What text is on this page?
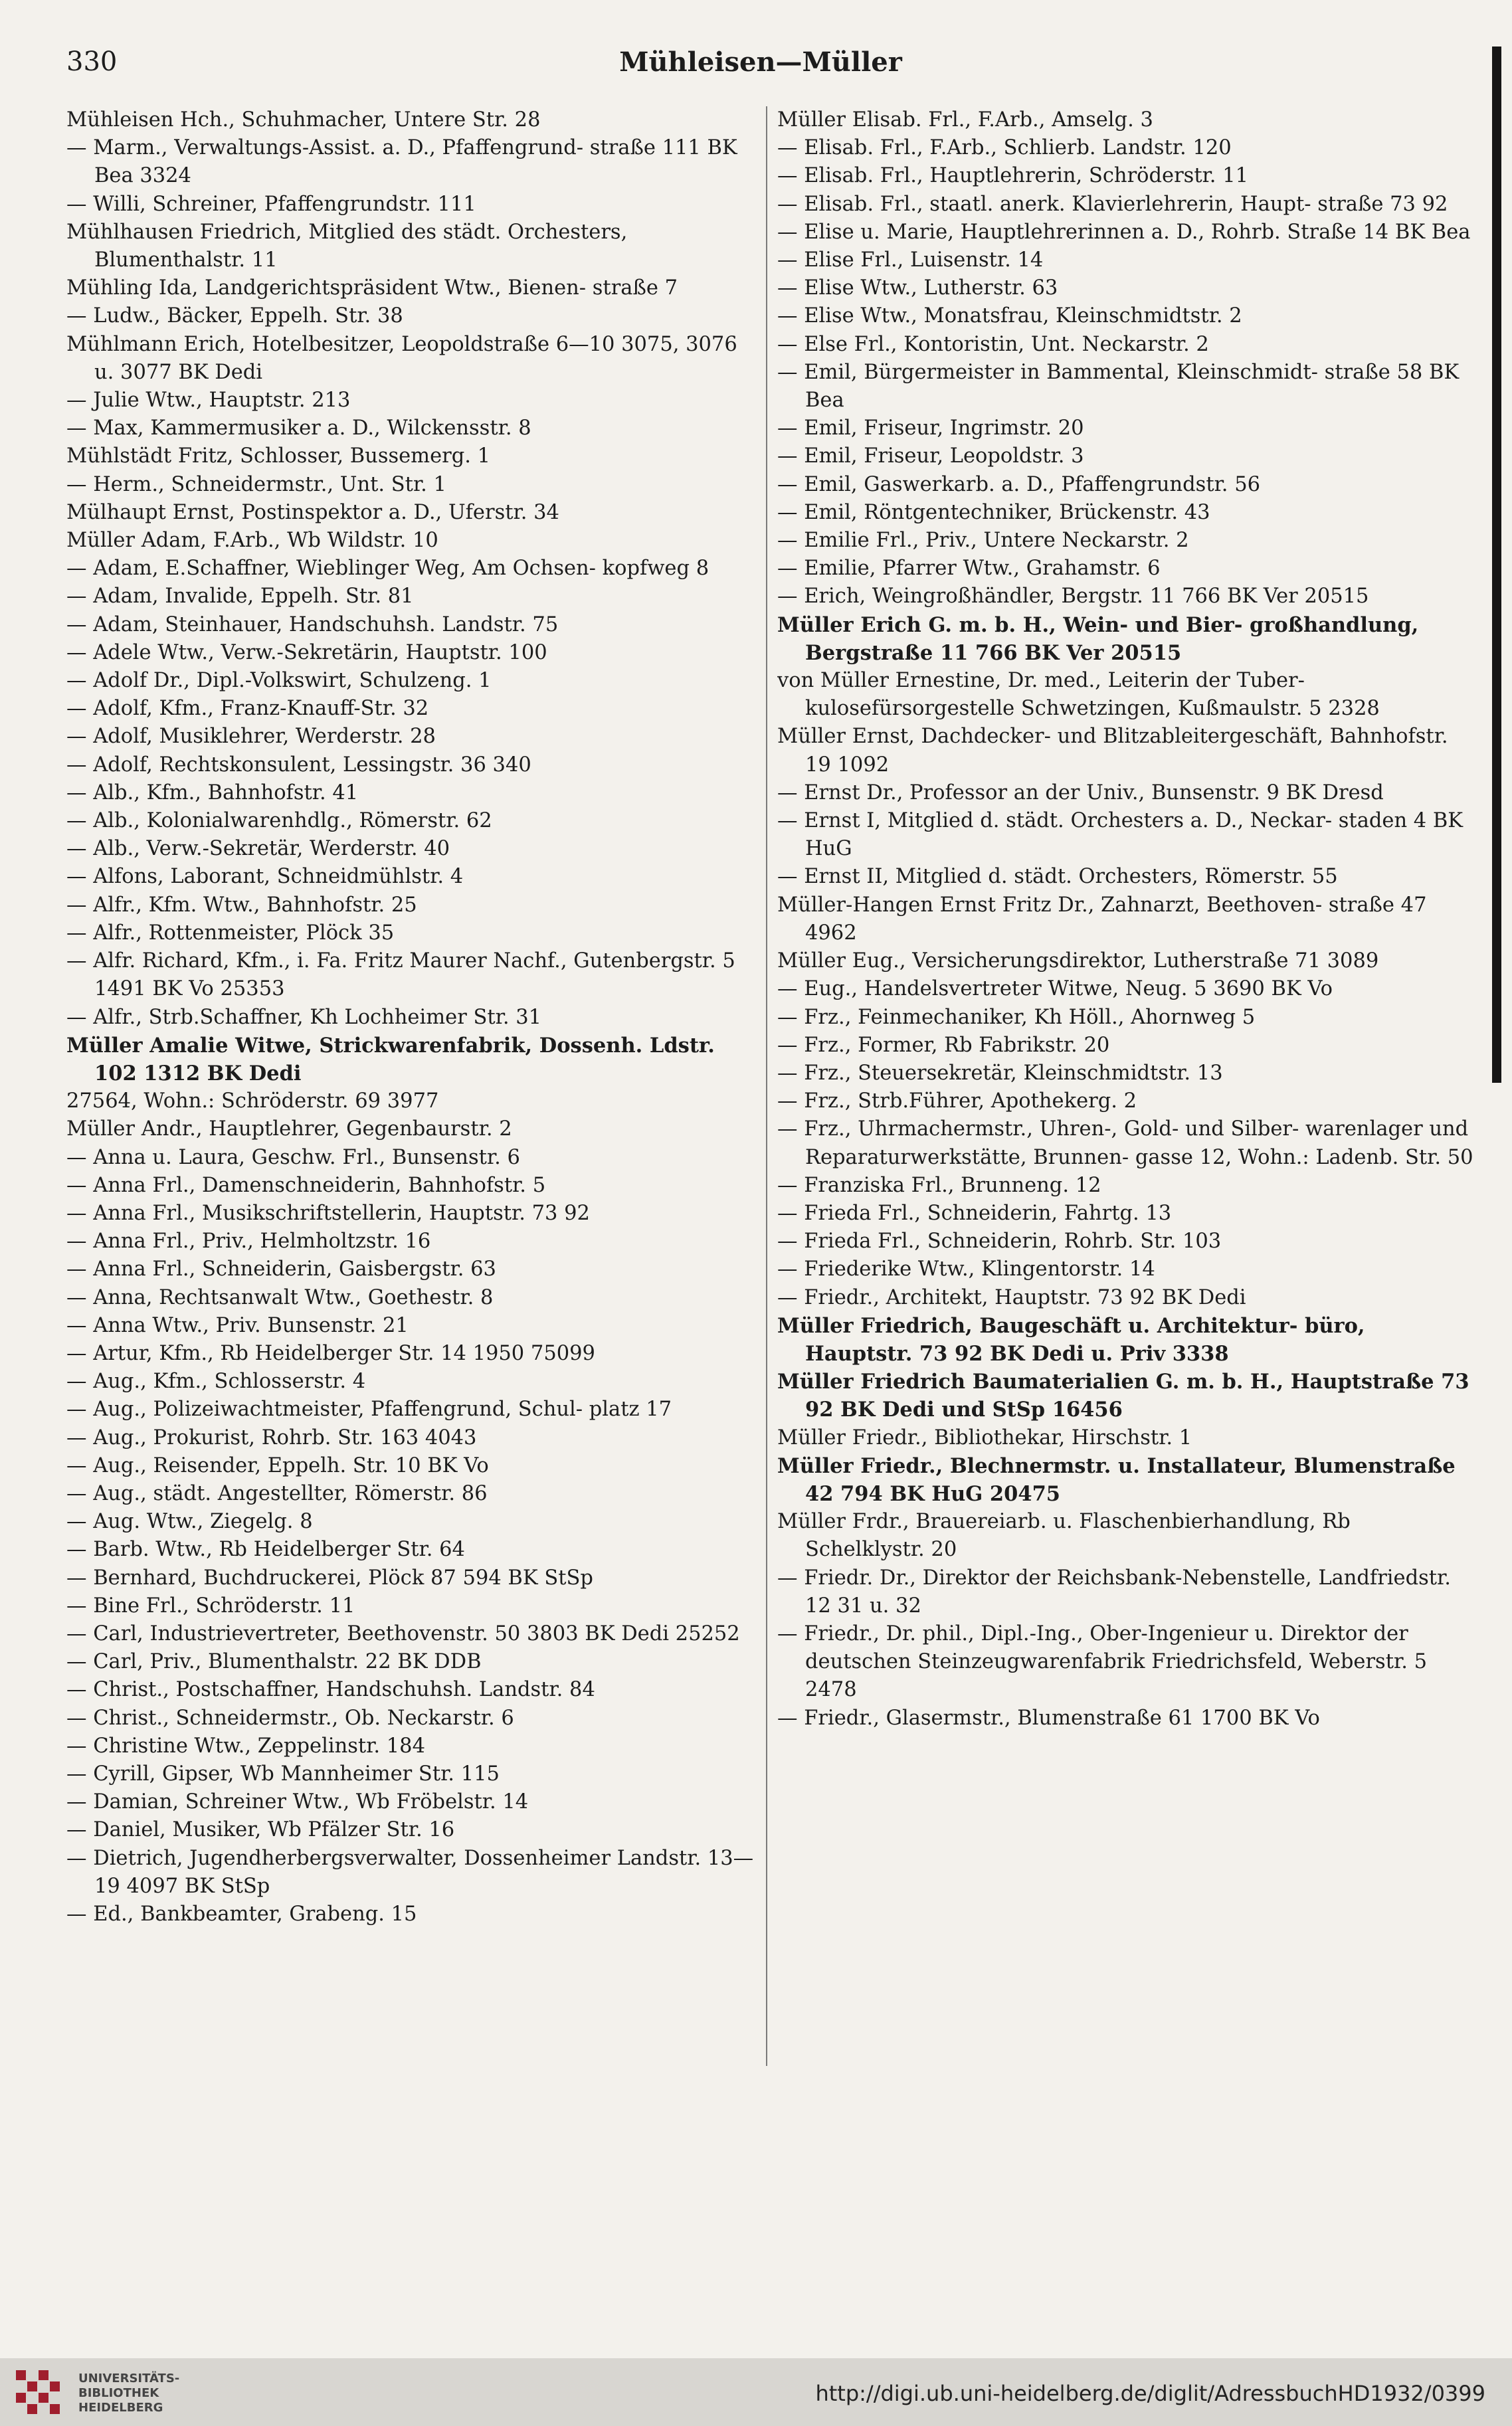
330	Mühleisen—Müller
Mühleisen Hch., Schuhmacher, Untere Str. 28
— Marm., Verwaltungs-Assist. a. D., Pfaffengrund- straße 111 BK Bea 3324
— Willi, Schreiner, Pfaffengrundstr. 111
Mühlhausen Friedrich, Mitglied des städt. Orchesters, Blumenthalstr. 11
Mühling Ida, Landgerichtspräsident Wtw., Bienen- straße 7
— Ludw., Bäcker, Eppelh. Str. 38
Mühlmann Erich, Hotelbesitzer, Leopoldstraße 6—10 3075, 3076 u. 3077 BK Dedi
— Julie Wtw., Hauptstr. 213
— Max, Kammermusiker a. D., Wilckensstr. 8
Mühlstädt Fritz, Schlosser, Bussemerg. 1
— Herm., Schneidermstr., Unt. Str. 1
Mülhaupt Ernst, Postinspektor a. D., Uferstr. 34
Müller Adam, F.Arb., Wb Wildstr. 10
— Adam, E.Schaffner, Wieblinger Weg, Am Ochsen- kopfweg 8
— Adam, Invalide, Eppelh. Str. 81
— Adam, Steinhauer, Handschuhsh. Landstr. 75
— Adele Wtw., Verw.-Sekretärin, Hauptstr. 100
— Adolf Dr., Dipl.-Volkswirt, Schulzeng. 1
— Adolf, Kfm., Franz-Knauff-Str. 32
— Adolf, Musiklehrer, Werderstr. 28
— Adolf, Rechtskonsulent, Lessingstr. 36 340
— Alb., Kfm., Bahnhofstr. 41
— Alb., Kolonialwarenhdlg., Römerstr. 62
— Alb., Verw.-Sekretär, Werderstr. 40
— Alfons, Laborant, Schneidmühlstr. 4
— Alfr., Kfm. Wtw., Bahnhofstr. 25
— Alfr., Rottenmeister, Plöck 35
— Alfr. Richard, Kfm., i. Fa. Fritz Maurer Nachf., Gutenbergstr. 5 1491 BK Vo 25353
— Alfr., Strb.Schaffner, Kh Lochheimer Str. 31
Müller Amalie Witwe, Strickwarenfabrik, Dossenh. Ldstr. 102 1312 BK Dedi
27564, Wohn.: Schröderstr. 69 3977
Müller Andr., Hauptlehrer, Gegenbaurstr. 2
— Anna u. Laura, Geschw. Frl., Bunsenstr. 6
— Anna Frl., Damenschneiderin, Bahnhofstr. 5
— Anna Frl., Musikschriftstellerin, Hauptstr. 73 92
— Anna Frl., Priv., Helmholtzstr. 16
— Anna Frl., Schneiderin, Gaisbergstr. 63
— Anna, Rechtsanwalt Wtw., Goethestr. 8
— Anna Wtw., Priv. Bunsenstr. 21
— Artur, Kfm., Rb Heidelberger Str. 14 1950 75099
— Aug., Kfm., Schlosserstr. 4
— Aug., Polizeiwachtmeister, Pfaffengrund, Schul- platz 17
— Aug., Prokurist, Rohrb. Str. 163 4043
— Aug., Reisender, Eppelh. Str. 10 BK Vo
— Aug., städt. Angestellter, Römerstr. 86
— Aug. Wtw., Ziegelg. 8
— Barb. Wtw., Rb Heidelberger Str. 64
— Bernhard, Buchdruckerei, Plöck 87 594 BK StSp
— Bine Frl., Schröderstr. 11
— Carl, Industrievertreter, Beethovenstr. 50 3803 BK Dedi 25252
— Carl, Priv., Blumenthalstr. 22 BK DDB
— Christ., Postschaffner, Handschuhsh. Landstr. 84
— Christ., Schneidermstr., Ob. Neckarstr. 6
— Christine Wtw., Zeppelinstr. 184
— Cyrill, Gipser, Wb Mannheimer Str. 115
— Damian, Schreiner Wtw., Wb Fröbelstr. 14
— Daniel, Musiker, Wb Pfälzer Str. 16
— Dietrich, Jugendherbergsverwalter, Dossenheimer Landstr. 13—19 4097 BK StSp
— Ed., Bankbeamter, Grabeng. 15
Müller Elisab. Frl., F.Arb., Amselg. 3
— Elisab. Frl., F.Arb., Schlierb. Landstr. 120
— Elisab. Frl., Hauptlehrerin, Schröderstr. 11
— Elisab. Frl., staatl. anerk. Klavierlehrerin, Haupt- straße 73 92
— Elise u. Marie, Hauptlehrerinnen a. D., Rohrb. Straße 14 BK Bea
— Elise Frl., Luisenstr. 14
— Elise Wtw., Lutherstr. 63
— Elise Wtw., Monatsfrau, Kleinschmidtstr. 2
— Else Frl., Kontoristin, Unt. Neckarstr. 2
— Emil, Bürgermeister in Bammental, Kleinschmidt- straße 58 BK Bea
— Emil, Friseur, Ingrimstr. 20
— Emil, Friseur, Leopoldstr. 3
— Emil, Gaswerkarb. a. D., Pfaffengrundstr. 56
— Emil, Röntgentechniker, Brückenstr. 43
— Emilie Frl., Priv., Untere Neckarstr. 2
— Emilie, Pfarrer Wtw., Grahamstr. 6
— Erich, Weingroßhändler, Bergstr. 11 766 BK Ver 20515
Müller Erich G. m. b. H., Wein- und Bier- großhandlung, Bergstraße 11 766 BK Ver 20515
von Müller Ernestine, Dr. med., Leiterin der Tuber- kulosefürsorgestelle Schwetzingen, Kußmaulstr. 5 2328
Müller Ernst, Dachdecker- und Blitzableitergeschäft, Bahnhofstr. 19 1092
— Ernst Dr., Professor an der Univ., Bunsenstr. 9 BK Dresd
— Ernst I, Mitglied d. städt. Orchesters a. D., Neckar- staden 4 BK HuG
— Ernst II, Mitglied d. städt. Orchesters, Römerstr. 55
Müller-Hangen Ernst Fritz Dr., Zahnarzt, Beethoven- straße 47 4962
Müller Eug., Versicherungsdirektor, Lutherstraße 71 3089
— Eug., Handelsvertreter Witwe, Neug. 5 3690 BK Vo
— Frz., Feinmechaniker, Kh Höll., Ahornweg 5
— Frz., Former, Rb Fabrikstr. 20
— Frz., Steuersekretär, Kleinschmidtstr. 13
— Frz., Strb.Führer, Apothekerg. 2
— Frz., Uhrmachermstr., Uhren-, Gold- und Silber- warenlager und Reparaturwerkstätte, Brunnen- gasse 12, Wohn.: Ladenb. Str. 50
— Franziska Frl., Brunneng. 12
— Frieda Frl., Schneiderin, Fahrtg. 13
— Frieda Frl., Schneiderin, Rohrb. Str. 103
— Friederike Wtw., Klingentorstr. 14
— Friedr., Architekt, Hauptstr. 73 92 BK Dedi
Müller Friedrich, Baugeschäft u. Architektur- büro, Hauptstr. 73 92 BK Dedi u. Priv 3338
Müller Friedrich Baumaterialien G. m. b. H., Hauptstraße 73 92 BK Dedi und StSp 16456
Müller Friedr., Bibliothekar, Hirschstr. 1
Müller Friedr., Blechnermstr. u. Installateur, Blumenstraße 42 794 BK HuG 20475
Müller Frdr., Brauereiarb. u. Flaschenbierhandlung, Rb Schelklystr. 20
— Friedr. Dr., Direktor der Reichsbank-Nebenstelle, Landfriedstr. 12 31 u. 32
— Friedr., Dr. phil., Dipl.-Ing., Ober-Ingenieur u. Direktor der deutschen Steinzeugwarenfabrik Friedrichsfeld, Weberstr. 5 2478
— Friedr., Glasermstr., Blumenstraße 61 1700 BK Vo
UNIVERSITÄTS-
BIBLIOTHEK
HEIDELBERG
http://digi.ub.uni-heidelberg.de/diglit/AdressbuchHD1932/0399
